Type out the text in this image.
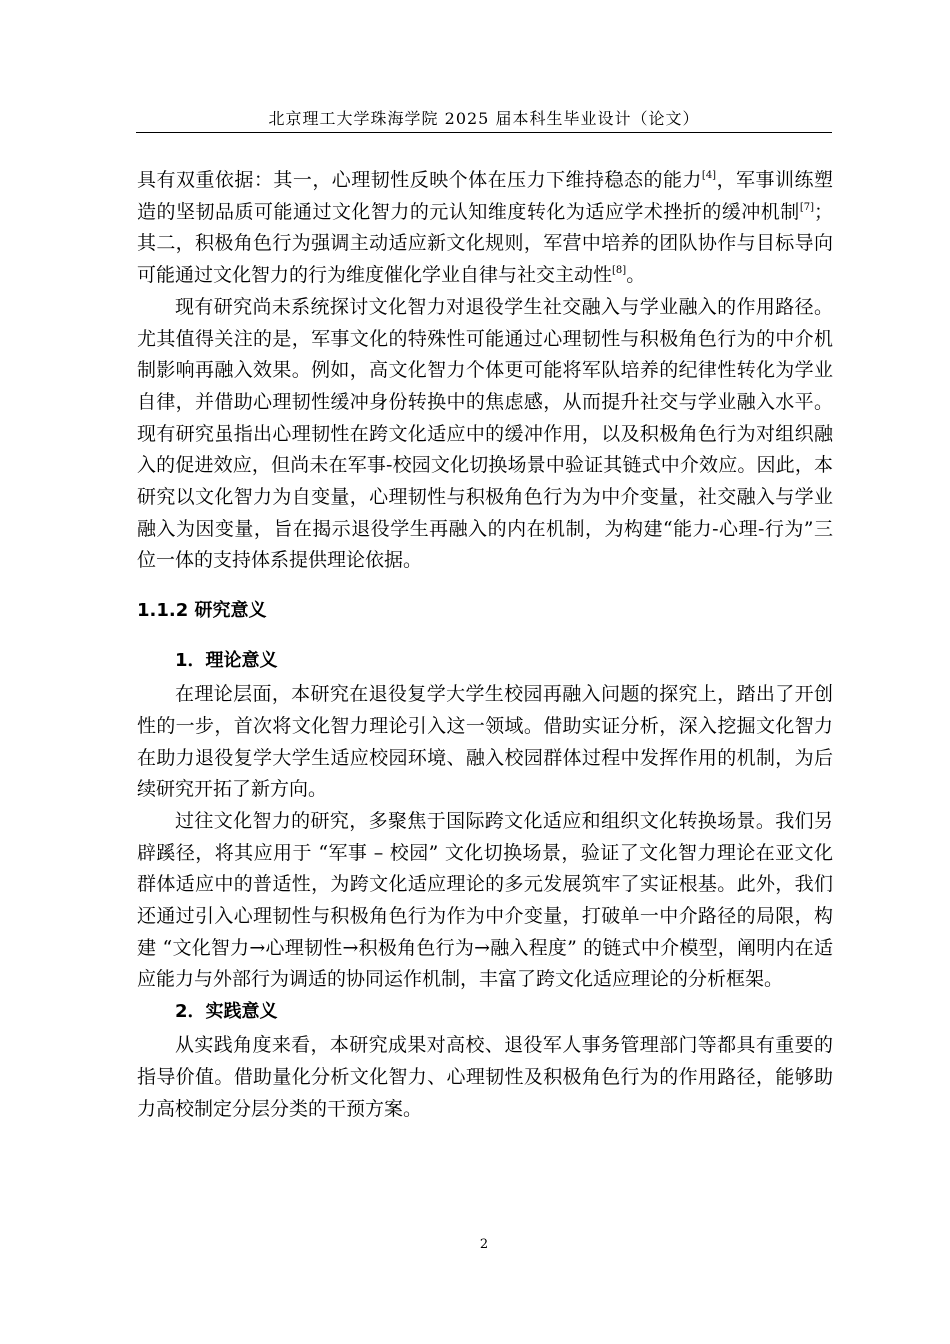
北京理工大学珠海学院 2025 届本科生毕业设计（论文）

具有双重依据：其一，心理韧性反映个体在压力下维持稳态的能力[4]，军事训练塑造的坚韧品质可能通过文化智力的元认知维度转化为适应学术挫折的缓冲机制[7]；其二，积极角色行为强调主动适应新文化规则，军营中培养的团队协作与目标导向可能通过文化智力的行为维度催化学业自律与社交主动性[8]。

现有研究尚未系统探讨文化智力对退役学生社交融入与学业融入的作用路径。尤其值得关注的是，军事文化的特殊性可能通过心理韧性与积极角色行为的中介机制影响再融入效果。例如，高文化智力个体更可能将军队培养的纪律性转化为学业自律，并借助心理韧性缓冲身份转换中的焦虑感，从而提升社交与学业融入水平。现有研究虽指出心理韧性在跨文化适应中的缓冲作用，以及积极角色行为对组织融入的促进效应，但尚未在军事-校园文化切换场景中验证其链式中介效应。因此，本研究以文化智力为自变量，心理韧性与积极角色行为为中介变量，社交融入与学业融入为因变量，旨在揭示退役学生再融入的内在机制，为构建“能力-心理-行为”三位一体的支持体系提供理论依据。

1.1.2 研究意义
1．理论意义

在理论层面，本研究在退役复学大学生校园再融入问题的探究上，踏出了开创性的一步，首次将文化智力理论引入这一领域。借助实证分析，深入挖掘文化智力在助力退役复学大学生适应校园环境、融入校园群体过程中发挥作用的机制，为后续研究开拓了新方向。

过往文化智力的研究，多聚焦于国际跨文化适应和组织文化转换场景。我们另辟蹊径，将其应用于 “军事 – 校园” 文化切换场景，验证了文化智力理论在亚文化群体适应中的普适性，为跨文化适应理论的多元发展筑牢了实证根基。此外，我们还通过引入心理韧性与积极角色行为作为中介变量，打破单一中介路径的局限，构建 “文化智力→心理韧性→积极角色行为→融入程度” 的链式中介模型，阐明内在适应能力与外部行为调适的协同运作机制，丰富了跨文化适应理论的分析框架。

2．实践意义

从实践角度来看，本研究成果对高校、退役军人事务管理部门等都具有重要的指导价值。借助量化分析文化智力、心理韧性及积极角色行为的作用路径，能够助力高校制定分层分类的干预方案。

2
